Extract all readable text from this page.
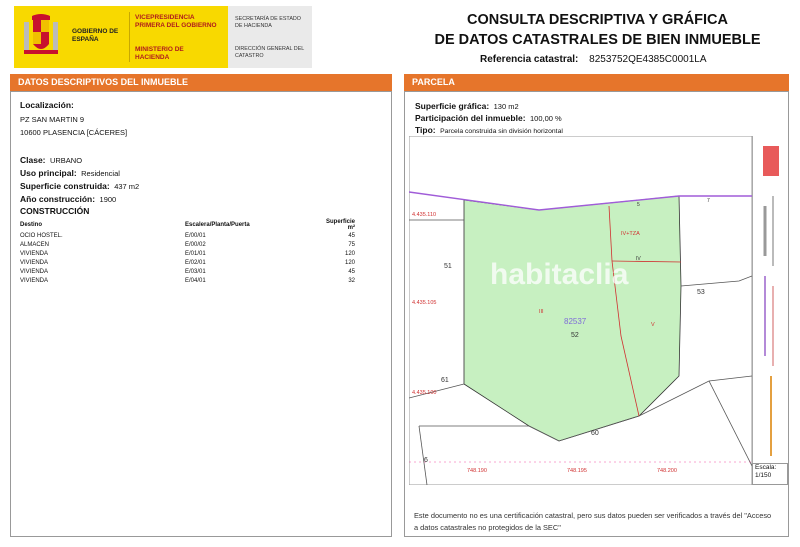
GOBIERNO DE ESPAÑA
VICEPRESIDENCIA PRIMERA DEL GOBIERNO
MINISTERIO DE HACIENDA
SECRETARÍA DE ESTADO DE HACIENDA
DIRECCIÓN GENERAL DEL CATASTRO
CONSULTA DESCRIPTIVA Y GRÁFICA
DE DATOS CATASTRALES DE BIEN INMUEBLE
Referencia catastral: 8253752QE4385C0001LA
DATOS DESCRIPTIVOS DEL INMUEBLE
Localización:
PZ SAN MARTIN 9
10600 PLASENCIA [CÁCERES]
Clase: URBANO
Uso principal: Residencial
Superficie construida: 437 m2
Año construcción: 1900
CONSTRUCCIÓN
Destino	Escalera/Planta/Puerta	Superficie m²
OCIO HOSTEL.	E/00/01	45
ALMACEN	E/00/02	75
VIVIENDA	E/01/01	120
VIVIENDA	E/02/01	120
VIVIENDA	E/03/01	45
VIVIENDA	E/04/01	32
PARCELA
Superficie gráfica: 130 m2
Participación del inmueble: 100,00 %
Tipo: Parcela construida sin división horizontal
4.435.110
4.435.105
4.435.100
748.190	748.195	748.200
IV+TZA
V
III
51
53
61
60
52
6
IV
5
7
82537
habitaclia
Escala:
1/150
Este documento no es una certificación catastral, pero sus datos pueden ser verificados a través del "Acceso a datos catastrales no protegidos de la SEC"
